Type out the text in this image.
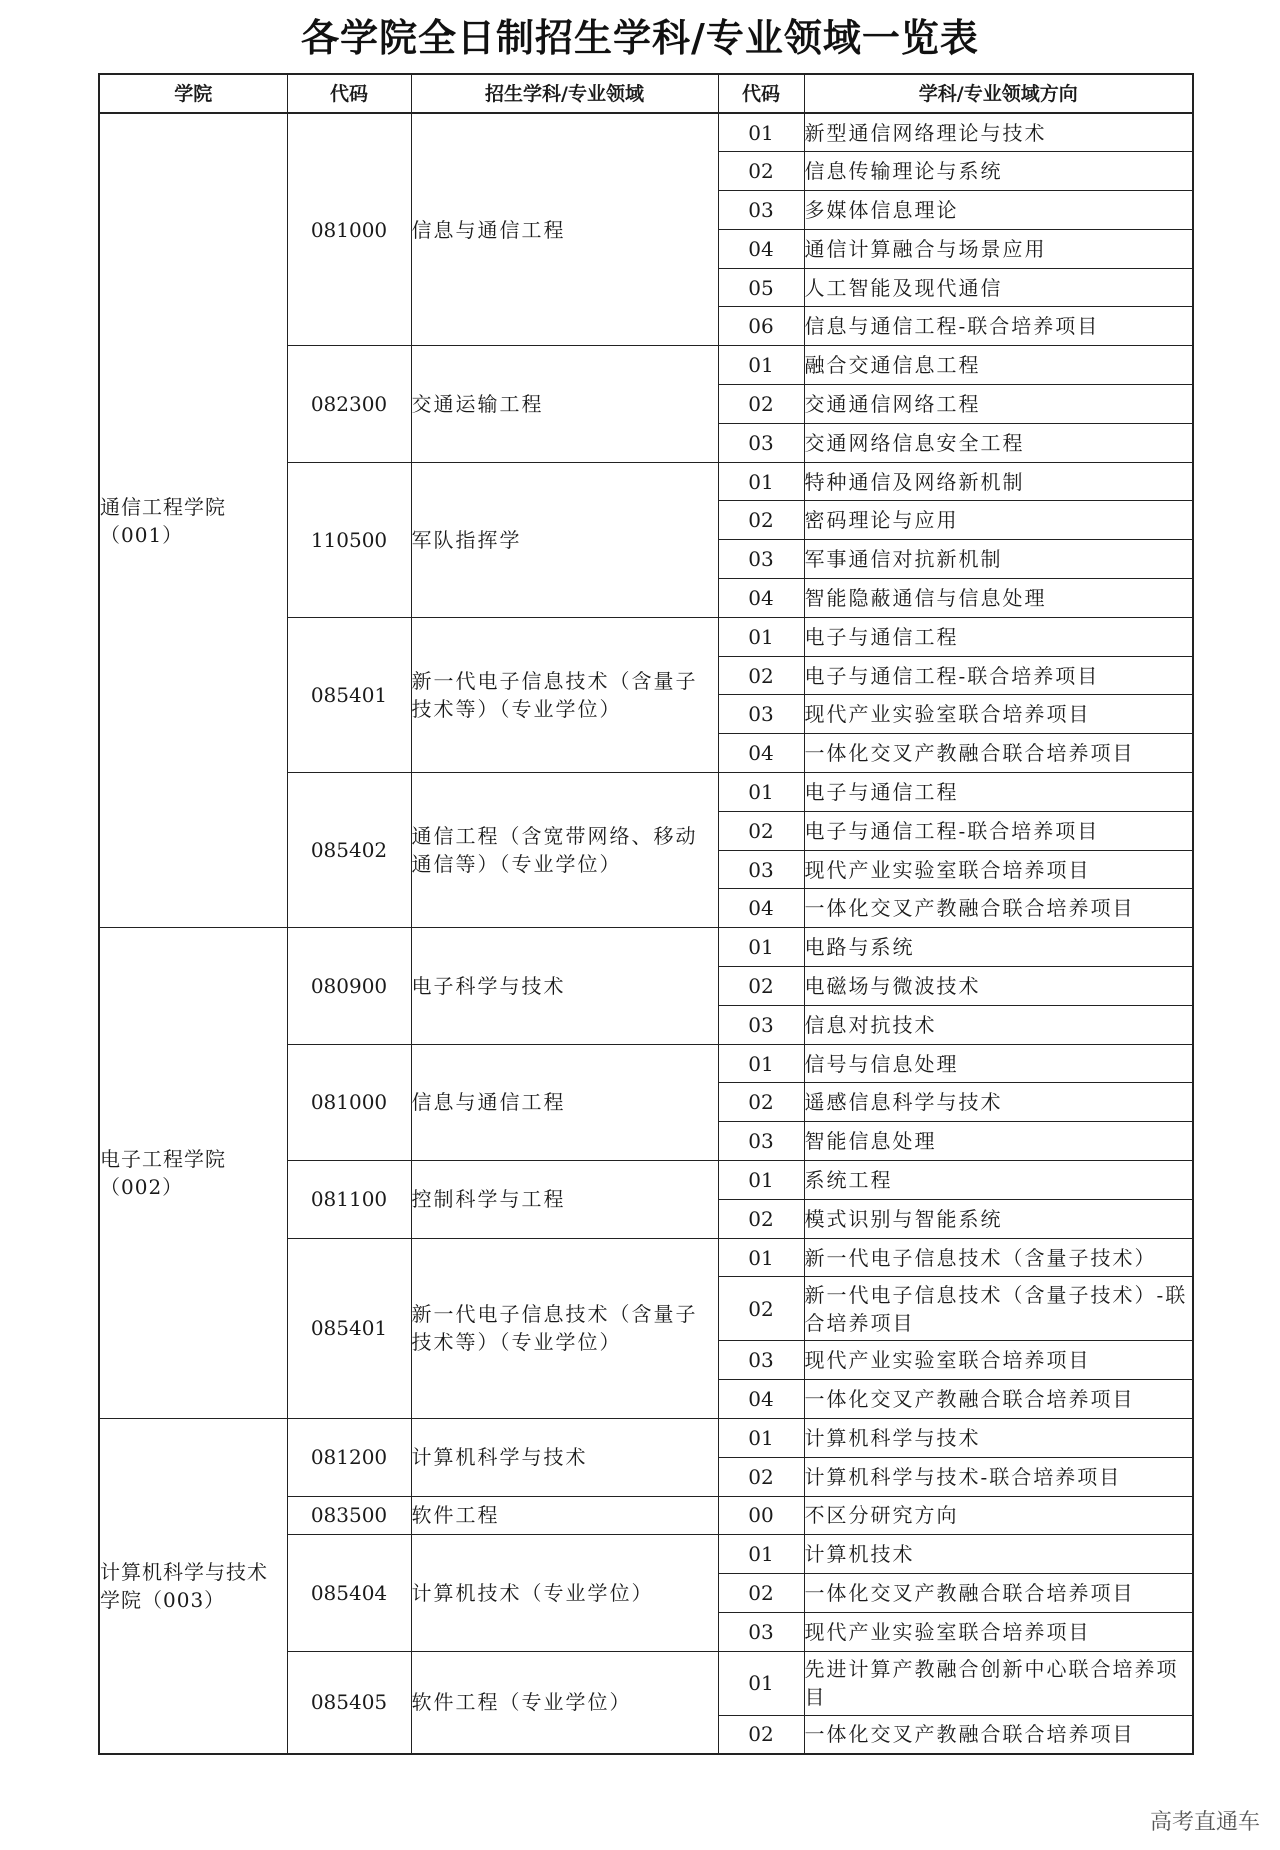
各学院全日制招生学科/专业领域一览表
学院	代码	招生学科/专业领域	代码	学科/专业领域方向
通信工程学院（001）	081000	信息与通信工程	01	新型通信网络理论与技术
			02	信息传输理论与系统
			03	多媒体信息理论
			04	通信计算融合与场景应用
			05	人工智能及现代通信
			06	信息与通信工程-联合培养项目
	082300	交通运输工程	01	融合交通信息工程
			02	交通通信网络工程
			03	交通网络信息安全工程
	110500	军队指挥学	01	特种通信及网络新机制
			02	密码理论与应用
			03	军事通信对抗新机制
			04	智能隐蔽通信与信息处理
	085401	新一代电子信息技术（含量子技术等）（专业学位）	01	电子与通信工程
			02	电子与通信工程-联合培养项目
			03	现代产业实验室联合培养项目
			04	一体化交叉产教融合联合培养项目
	085402	通信工程（含宽带网络、移动通信等）（专业学位）	01	电子与通信工程
			02	电子与通信工程-联合培养项目
			03	现代产业实验室联合培养项目
			04	一体化交叉产教融合联合培养项目
电子工程学院（002）	080900	电子科学与技术	01	电路与系统
			02	电磁场与微波技术
			03	信息对抗技术
	081000	信息与通信工程	01	信号与信息处理
			02	遥感信息科学与技术
			03	智能信息处理
	081100	控制科学与工程	01	系统工程
			02	模式识别与智能系统
	085401	新一代电子信息技术（含量子技术等）（专业学位）	01	新一代电子信息技术（含量子技术）
			02	新一代电子信息技术（含量子技术）-联合培养项目
			03	现代产业实验室联合培养项目
			04	一体化交叉产教融合联合培养项目
计算机科学与技术学院（003）	081200	计算机科学与技术	01	计算机科学与技术
			02	计算机科学与技术-联合培养项目
	083500	软件工程	00	不区分研究方向
	085404	计算机技术（专业学位）	01	计算机技术
			02	一体化交叉产教融合联合培养项目
			03	现代产业实验室联合培养项目
	085405	软件工程（专业学位）	01	先进计算产教融合创新中心联合培养项目
			02	一体化交叉产教融合联合培养项目
高考直通车
